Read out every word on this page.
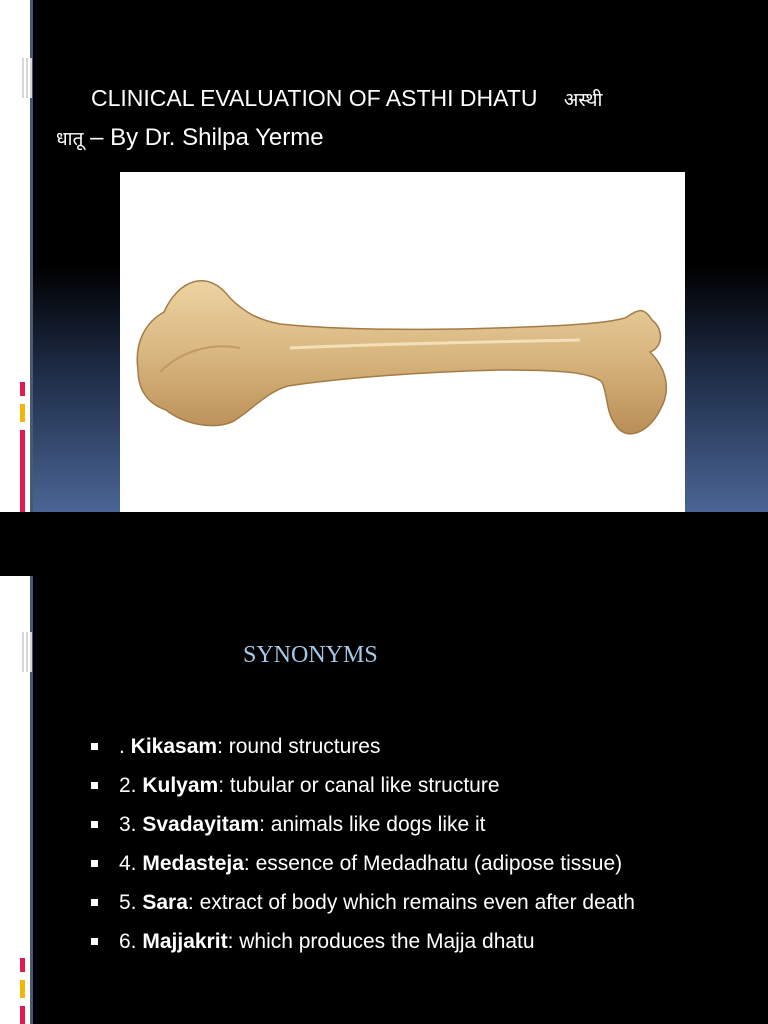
CLINICAL EVALUATION OF ASTHI DHATU अस्थी
धातू – By Dr. Shilpa Yerme
SYNONYMS
. Kikasam: round structures
2. Kulyam: tubular or canal like structure
3. Svadayitam: animals like dogs like it
4. Medasteja: essence of Medadhatu (adipose tissue)
5. Sara: extract of body which remains even after death
6. Majjakrit: which produces the Majja dhatu
